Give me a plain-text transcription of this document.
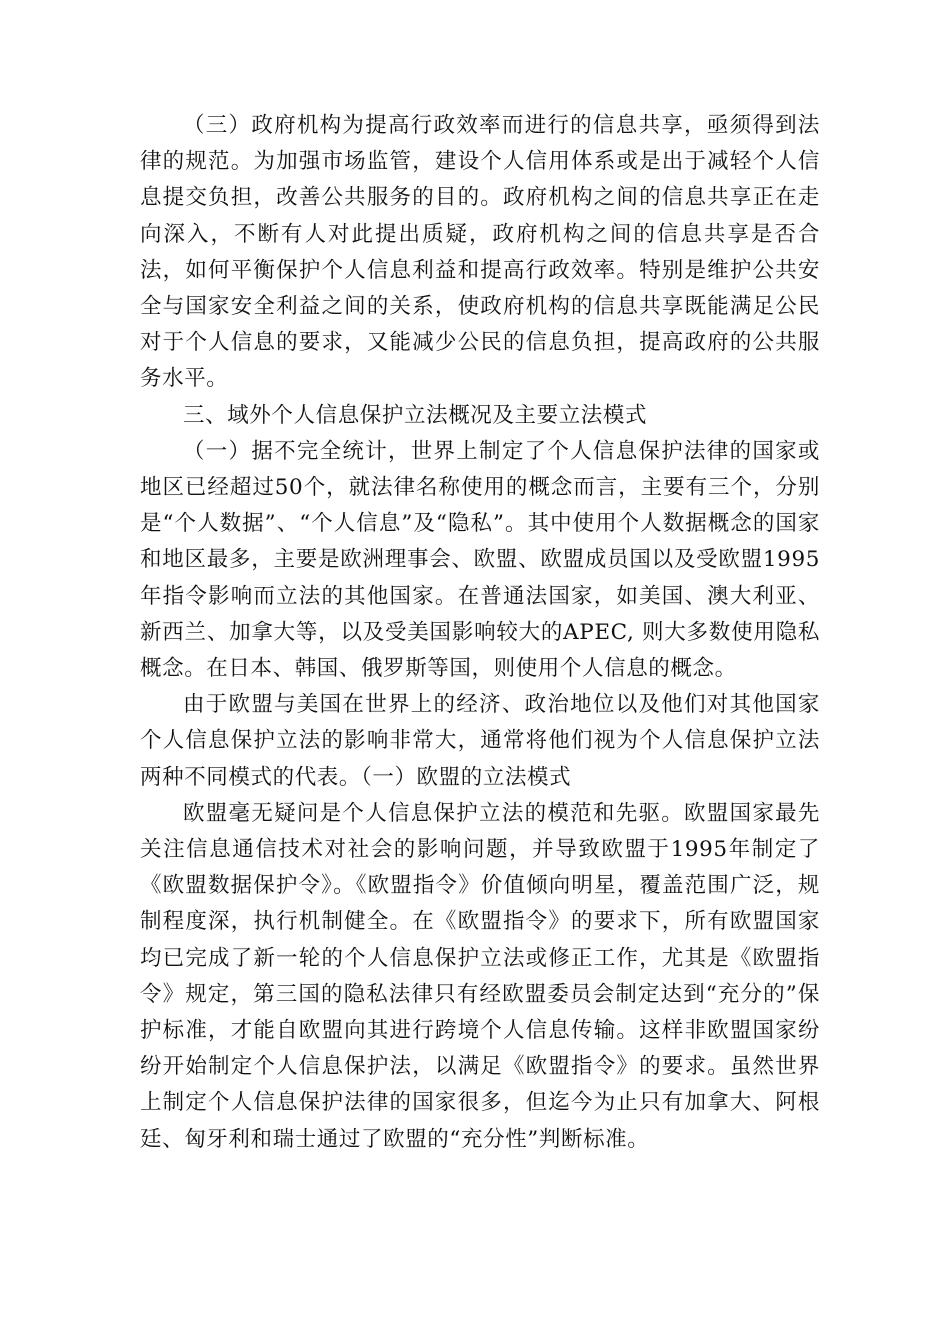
（三）政府机构为提高行政效率而进行的信息共享，亟须得到法律的规范。为加强市场监管，建设个人信用体系或是出于减轻个人信息提交负担，改善公共服务的目的。政府机构之间的信息共享正在走向深入，不断有人对此提出质疑，政府机构之间的信息共享是否合法，如何平衡保护个人信息利益和提高行政效率。特别是维护公共安全与国家安全利益之间的关系，使政府机构的信息共享既能满足公民对于个人信息的要求，又能减少公民的信息负担，提高政府的公共服务水平。

三、域外个人信息保护立法概况及主要立法模式

（一）据不完全统计，世界上制定了个人信息保护法律的国家或地区已经超过50个，就法律名称使用的概念而言，主要有三个，分别是“个人数据”、“个人信息”及“隐私”。其中使用个人数据概念的国家和地区最多，主要是欧洲理事会、欧盟、欧盟成员国以及受欧盟1995年指令影响而立法的其他国家。在普通法国家，如美国、澳大利亚、新西兰、加拿大等，以及受美国影响较大的APEC, 则大多数使用隐私概念。在日本、韩国、俄罗斯等国，则使用个人信息的概念。

由于欧盟与美国在世界上的经济、政治地位以及他们对其他国家个人信息保护立法的影响非常大，通常将他们视为个人信息保护立法两种不同模式的代表。（一）欧盟的立法模式

欧盟毫无疑问是个人信息保护立法的模范和先驱。欧盟国家最先关注信息通信技术对社会的影响问题，并导致欧盟于1995年制定了《欧盟数据保护令》。《欧盟指令》价值倾向明星，覆盖范围广泛，规制程度深，执行机制健全。在《欧盟指令》的要求下，所有欧盟国家均已完成了新一轮的个人信息保护立法或修正工作，尤其是《欧盟指令》规定，第三国的隐私法律只有经欧盟委员会制定达到“充分的”保护标准，才能自欧盟向其进行跨境个人信息传输。这样非欧盟国家纷纷开始制定个人信息保护法，以满足《欧盟指令》的要求。虽然世界上制定个人信息保护法律的国家很多，但迄今为止只有加拿大、阿根廷、匈牙利和瑞士通过了欧盟的“充分性”判断标准。
